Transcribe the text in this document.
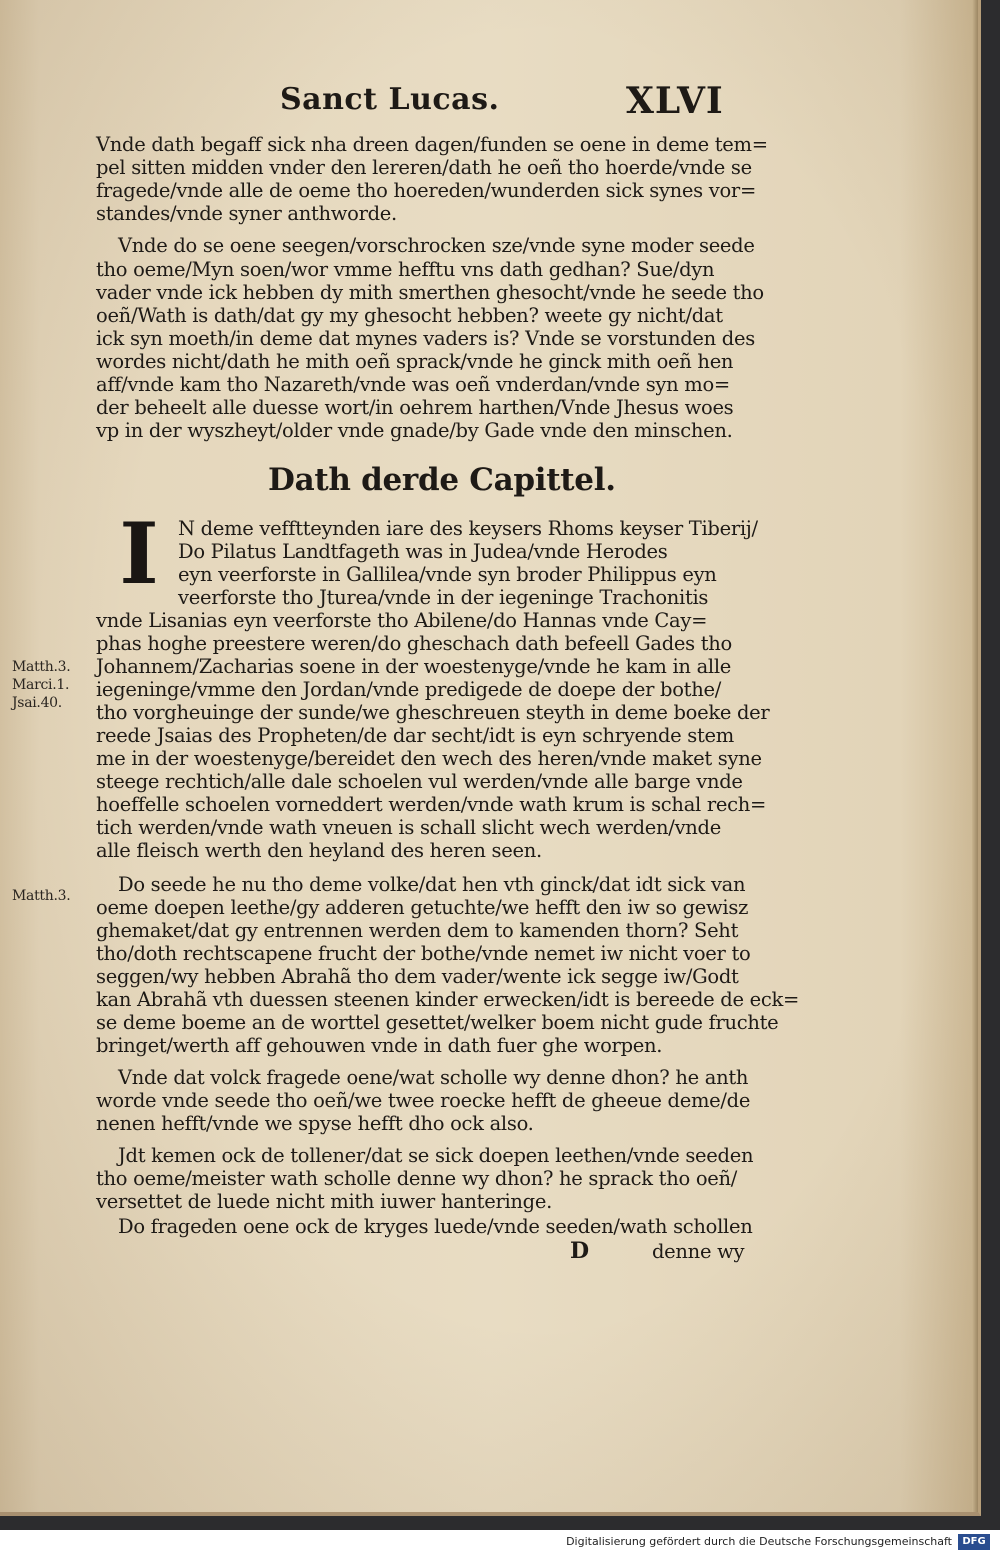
Sanct Lucas.	XLVI
Vnde dath begaff sick nha dreen dagen/funden se oene in deme tem=
pel sitten midden vnder den lereren/dath he oeñ tho hoerde/vnde se
fragede/vnde alle de oeme tho hoereden/wunderden sick synes vor=
standes/vnde syner anthworde.
Vnde do se oene seegen/vorschrocken sze/vnde syne moder seede
tho oeme/Myn soen/wor vmme hefftu vns dath gedhan? Sue/dyn
vader vnde ick hebben dy mith smerthen ghesocht/vnde he seede tho
oeñ/Wath is dath/dat gy my ghesocht hebben? weete gy nicht/dat
ick syn moeth/in deme dat mynes vaders is? Vnde se vorstunden des
wordes nicht/dath he mith oeñ sprack/vnde he ginck mith oeñ hen
aff/vnde kam tho Nazareth/vnde was oeñ vnderdan/vnde syn mo=
der beheelt alle duesse wort/in oehrem harthen/Vnde Jhesus woes
vp in der wyszheyt/older vnde gnade/by Gade vnde den minschen.
Dath derde Capittel.
I N deme vefftteynden iare des keysers Rhoms keyser Tiberij/
Do Pilatus Landtfageth was in Judea/vnde Herodes
eyn veerforste in Gallilea/vnde syn broder Philippus eyn
veerforste tho Jturea/vnde in der iegeninge Trachonitis
vnde Lisanias eyn veerforste tho Abilene/do Hannas vnde Cay=
phas hoghe preestere weren/do gheschach dath befeell Gades tho
Johannem/Zacharias soene in der woestenyge/vnde he kam in alle
iegeninge/vmme den Jordan/vnde predigede de doepe der bothe/
tho vorgheuinge der sunde/we gheschreuen steyth in deme boeke der
reede Jsaias des Propheten/de dar secht/idt is eyn schryende stem
me in der woestenyge/bereidet den wech des heren/vnde maket syne
steege rechtich/alle dale schoelen vul werden/vnde alle barge vnde
hoeffelle schoelen vorneddert werden/vnde wath krum is schal rech=
tich werden/vnde wath vneuen is schall slicht wech werden/vnde
alle fleisch werth den heyland des heren seen.
Matth.3.
Marci.1.
Jsai.40.
Matth.3. Do seede he nu tho deme volke/dat hen vth ginck/dat idt sick van
oeme doepen leethe/gy adderen getuchte/we hefft den iw so gewisz
ghemaket/dat gy entrennen werden dem to kamenden thorn? Seht
tho/doth rechtscapene frucht der bothe/vnde nemet iw nicht voer to
seggen/wy hebben Abrahã tho dem vader/wente ick segge iw/Godt
kan Abrahã vth duessen steenen kinder erwecken/idt is bereede de eck=
se deme boeme an de worttel gesettet/welker boem nicht gude fruchte
bringet/werth aff gehouwen vnde in dath fuer ghe worpen.
Vnde dat volck fragede oene/wat scholle wy denne dhon? he anth
worde vnde seede tho oeñ/we twee roecke hefft de gheeue deme/de
nenen hefft/vnde we spyse hefft dho ock also.
Jdt kemen ock de tollener/dat se sick doepen leethen/vnde seeden
tho oeme/meister wath scholle denne wy dhon? he sprack tho oeñ/
versettet de luede nicht mith iuwer hanteringe.
Do frageden oene ock de kryges luede/vnde seeden/wath schollen
D	denne wy
Digitalisierung gefördert durch die Deutsche Forschungsgemeinschaft	DFG
